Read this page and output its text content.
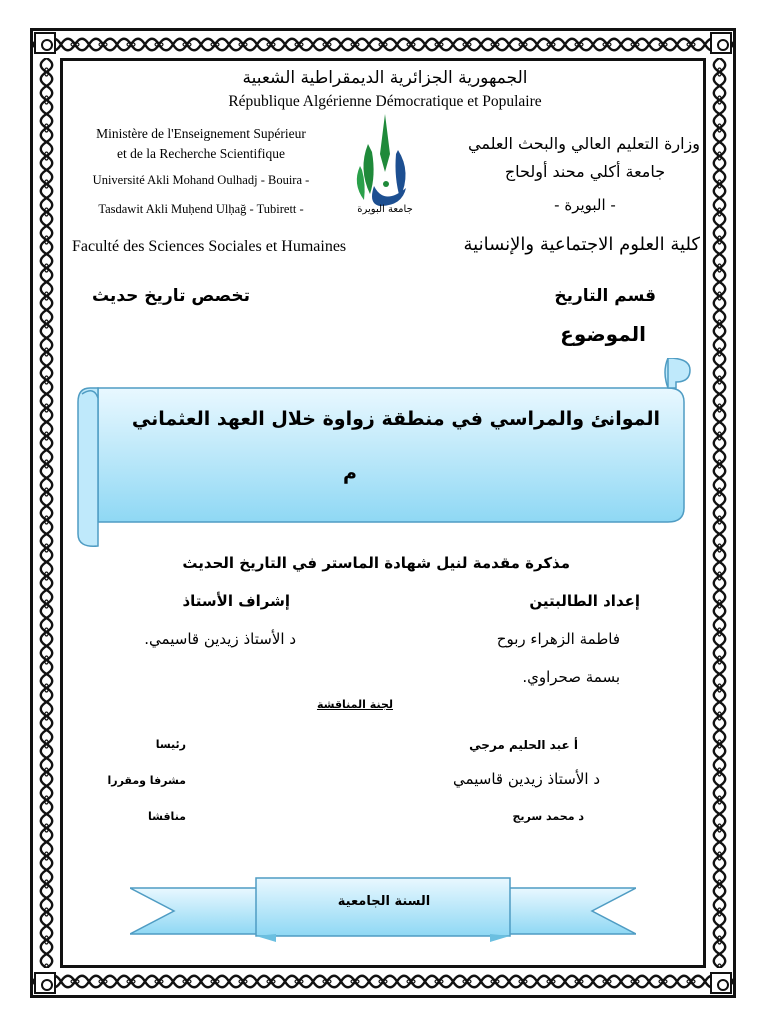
الجمهورية الجزائرية الديمقراطية الشعبية
République Algérienne Démocratique et Populaire
Ministère de l'Enseignement Supérieur
et de la Recherche Scientifique
Université Akli Mohand Oulhadj - Bouira -
Tasdawit Akli Muḥend Ulḥağ - Tubirett -
Faculté des Sciences Sociales et Humaines
وزارة التعليم العالي والبحث العلمي
جامعة أكلي محند أولحاج
- البويرة -
كلية العلوم الاجتماعية والإنسانية
جامعة البويرة
قسم التاريخ
تخصص تاريخ حديث
الموضوع
الموانئ والمراسي في منطقة زواوة خلال العهد العثماني
م
مذكرة مقدمة لنيل شهادة الماستر في التاريخ الحديث
إعداد الطالبتين
فاطمة الزهراء ربوح
بسمة صحراوي.
إشراف الأستاذ
د الأستاذ زيدين قاسيمي.
لجنة المناقشة
أ عبد الحليم مرجي
رئيسا
د الأستاذ زيدين قاسيمي
مشرفا ومقررا
د محمد سريج
مناقشا
السنة الجامعية
